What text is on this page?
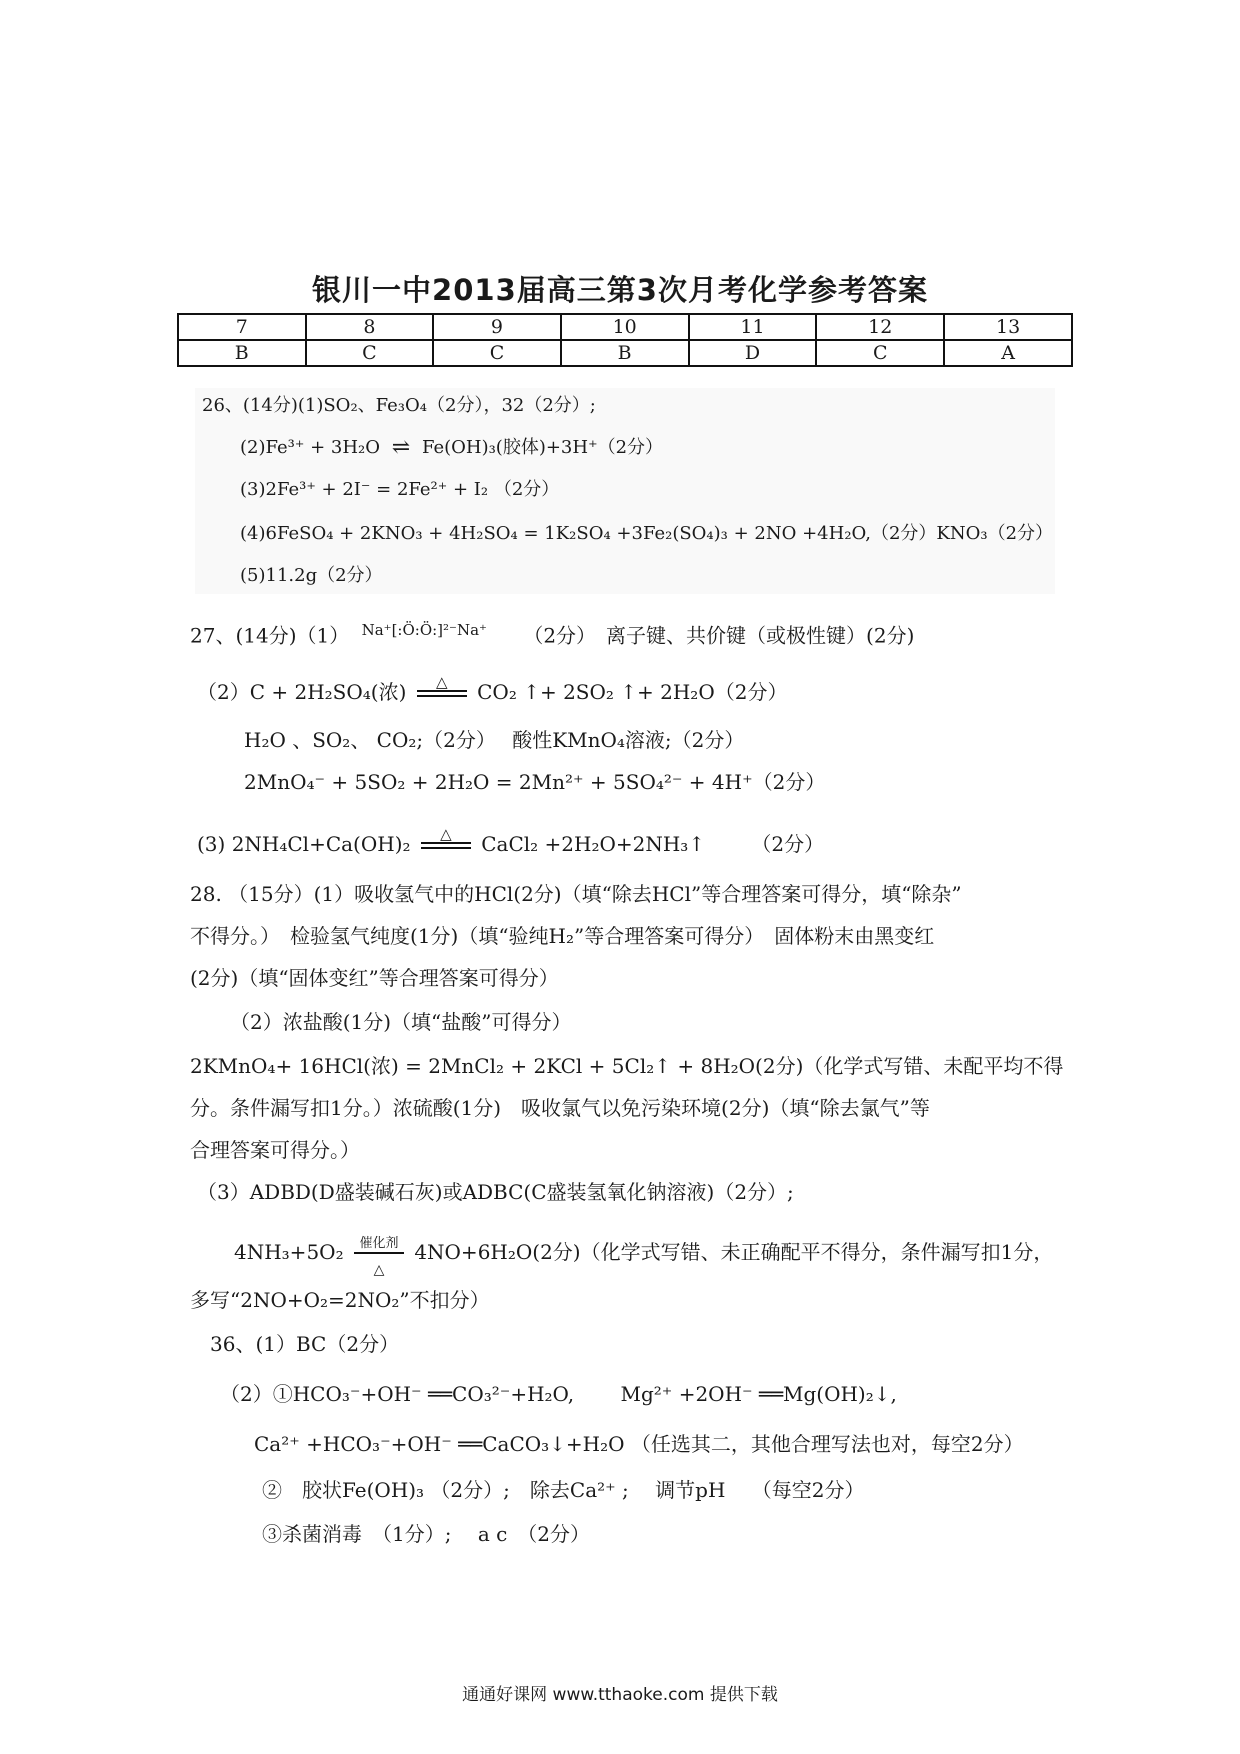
银川一中2013届高三第3次月考化学参考答案
7	8	9	10	11	12	13
B	C	C	B	D	C	A
26、(14分)(1)SO₂、Fe₃O₄（2分），32（2分）;
(2)Fe³⁺ + 3H₂O ⇌ Fe(OH)₃(胶体)+3H⁺（2分）
(3)2Fe³⁺ + 2I⁻ = 2Fe²⁺ + I₂ （2分）
(4)6FeSO₄ + 2KNO₃ + 4H₂SO₄ = 1K₂SO₄ +3Fe₂(SO₄)₃ + 2NO +4H₂O,（2分）KNO₃（2分）
(5)11.2g（2分）
27、(14分)（1） $^{Na^+[:Ö:Ö:]^{2-}Na^+}$ （2分）　离子键、共价键（或极性键）(2分)
（2）C + 2H₂SO₄(浓)	△	CO₂ ↑+ 2SO₂ ↑+ 2H₂O（2分）
H₂O 、SO₂、 CO₂;（2分）　 酸性KMnO₄溶液;（2分）
2MnO₄⁻ + 5SO₂ + 2H₂O = 2Mn²⁺ + 5SO₄²⁻ + 4H⁺（2分）
(3) 2NH₄Cl+Ca(OH)₂	△	CaCl₂ +2H₂O+2NH₃↑　　 （2分）
28. （15分）(1）吸收氢气中的HCl(2分)（填“除去HCl”等合理答案可得分，填“除杂”
不得分。）　检验氢气纯度(1分)（填“验纯H₂”等合理答案可得分）　固体粉末由黑变红
(2分)（填“固体变红”等合理答案可得分）
（2）浓盐酸(1分)（填“盐酸”可得分）
2KMnO₄+ 16HCl(浓) = 2MnCl₂ + 2KCl + 5Cl₂↑ + 8H₂O(2分)（化学式写错、未配平均不得
分。条件漏写扣1分。）浓硫酸(1分)　吸收氯气以免污染环境(2分)（填“除去氯气”等
合理答案可得分。）
（3）ADBD(D盛装碱石灰)或ADBC(C盛装氢氧化钠溶液)（2分）;
4NH₃+5O₂	催化剂
△
4NO+6H₂O(2分)（化学式写错、未正确配平不得分，条件漏写扣1分，
多写“2NO+O₂=2NO₂”不扣分）
36、(1）BC（2分）
（2）①HCO₃⁻+OH⁻ ══CO₃²⁻+H₂O,　　 Mg²⁺ +2OH⁻ ══Mg(OH)₂↓,
Ca²⁺ +HCO₃⁻+OH⁻ ══CaCO₃↓+H₂O （任选其二，其他合理写法也对，每空2分）
②　胶状Fe(OH)₃ （2分）;　除去Ca²⁺ ;　 调节pH　 （每空2分）
③杀菌消毒　（1分）;　 a c　（2分）
通通好课网 www.tthaoke.com 提供下载
